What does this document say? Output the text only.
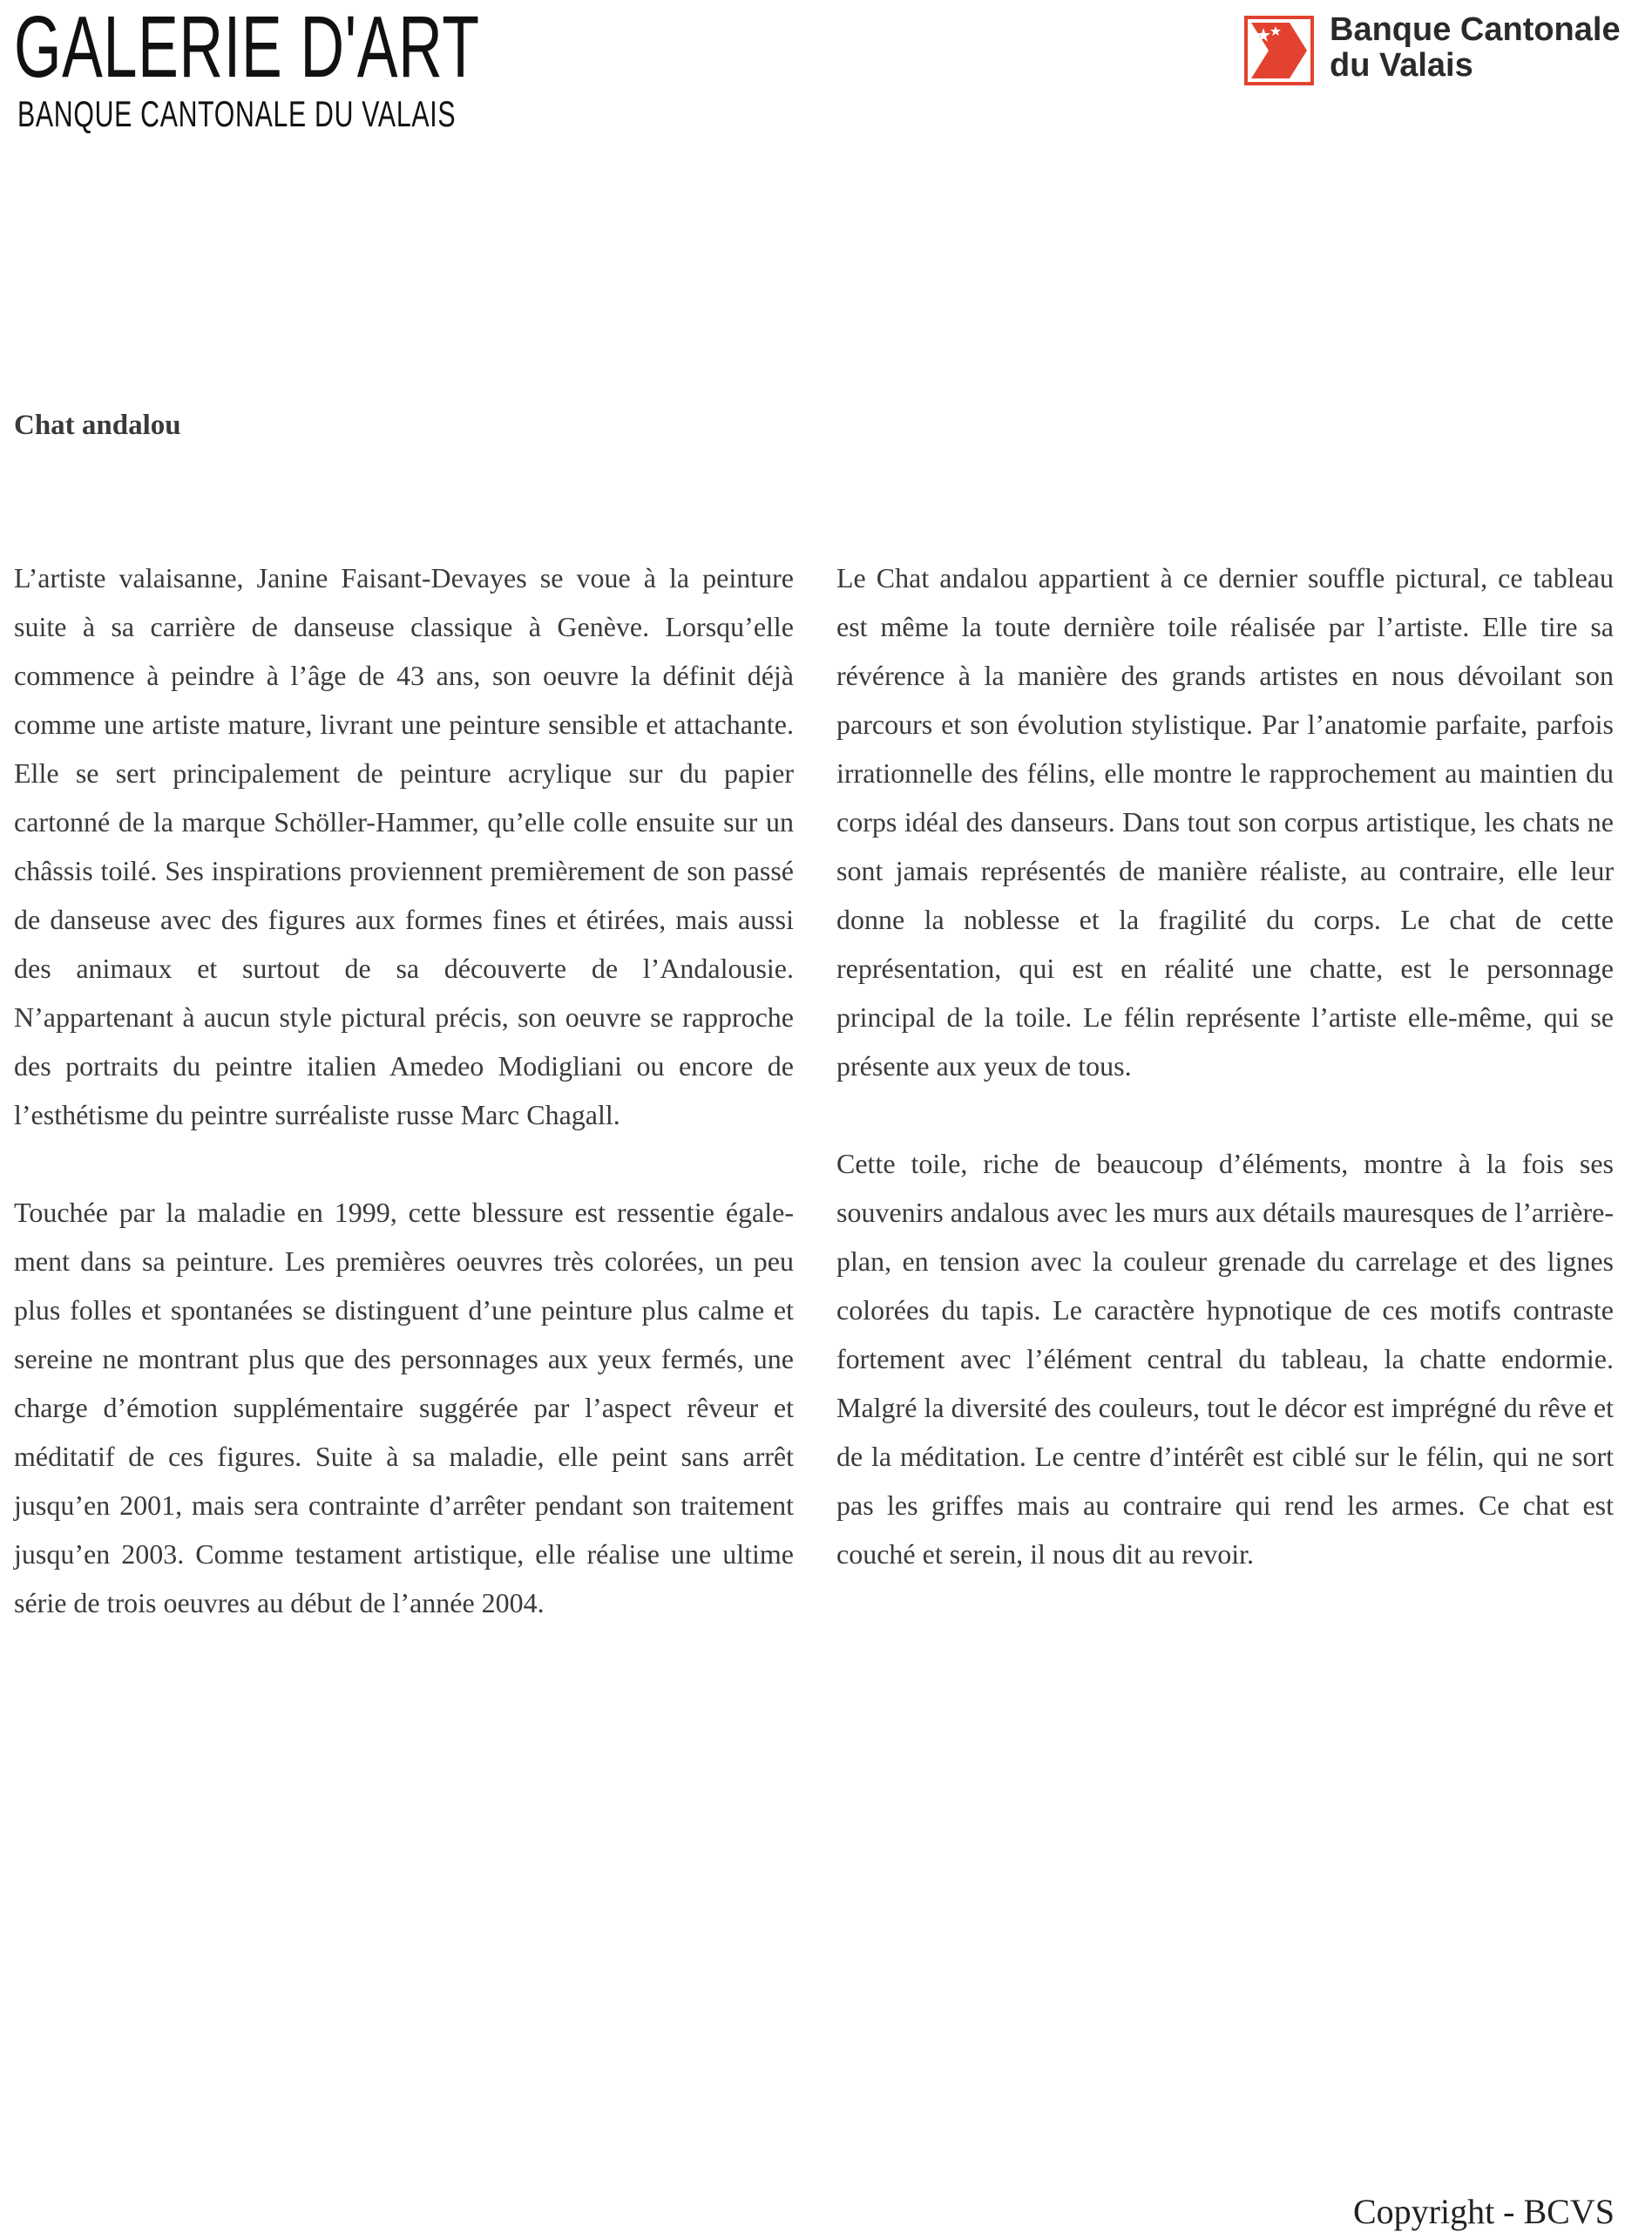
GALERIE D'ART
BANQUE CANTONALE DU VALAIS
Banque Cantonale
du Valais
Chat andalou

L’artiste valaisanne, Janine Faisant-Devayes se voue à la peinture suite à sa carrière de danseuse classique à Genève. Lorsqu’elle commence à peindre à l’âge de 43 ans, son oeuvre la définit déjà comme une artiste mature, livrant une peinture sensible et attachante. Elle se sert principalement de peinture acrylique sur du papier cartonné de la marque Schöller-Hammer, qu’elle colle ensuite sur un châssis toilé. Ses inspirations proviennent premièrement de son passé de danseuse avec des figures aux formes fines et étirées, mais aussi des animaux et surtout de sa découverte de l’Andalousie. N’appartenant à aucun style pictural précis, son oeuvre se rapproche des portraits du peintre italien Amedeo Modigliani ou encore de l’esthétisme du peintre surréaliste russe Marc Chagall.

Touchée par la maladie en 1999, cette blessure est ressentie également dans sa peinture. Les premières oeuvres très colorées, un peu plus folles et spontanées se distinguent d’une peinture plus calme et sereine ne montrant plus que des personnages aux yeux fermés, une charge d’émotion supplémentaire suggérée par l’aspect rêveur et méditatif de ces figures. Suite à sa maladie, elle peint sans arrêt jusqu’en 2001, mais sera contrainte d’arrêter pendant son traitement jusqu’en 2003. Comme testament artistique, elle réalise une ultime série de trois oeuvres au début de l’année 2004.

Le Chat andalou appartient à ce dernier souffle pictural, ce tableau est même la toute dernière toile réalisée par l’artiste. Elle tire sa révérence à la manière des grands artistes en nous dévoilant son parcours et son évolution stylistique. Par l’anatomie parfaite, parfois irrationnelle des félins, elle montre le rapprochement au maintien du corps idéal des danseurs. Dans tout son corpus artistique, les chats ne sont jamais représentés de manière réaliste, au contraire, elle leur donne la noblesse et la fragilité du corps. Le chat de cette représentation, qui est en réalité une chatte, est le personnage principal de la toile. Le félin représente l’artiste elle-même, qui se présente aux yeux de tous.

Cette toile, riche de beaucoup d’éléments, montre à la fois ses souvenirs andalous avec les murs aux détails mauresques de l’arrière-plan, en tension avec la couleur grenade du carrelage et des lignes colorées du tapis. Le caractère hypnotique de ces motifs contraste fortement avec l’élément central du tableau, la chatte endormie. Malgré la diversité des couleurs, tout le décor est imprégné du rêve et de la méditation. Le centre d’intérêt est ciblé sur le félin, qui ne sort pas les griffes mais au contraire qui rend les armes. Ce chat est couché et serein, il nous dit au revoir.

Copyright - BCVS
